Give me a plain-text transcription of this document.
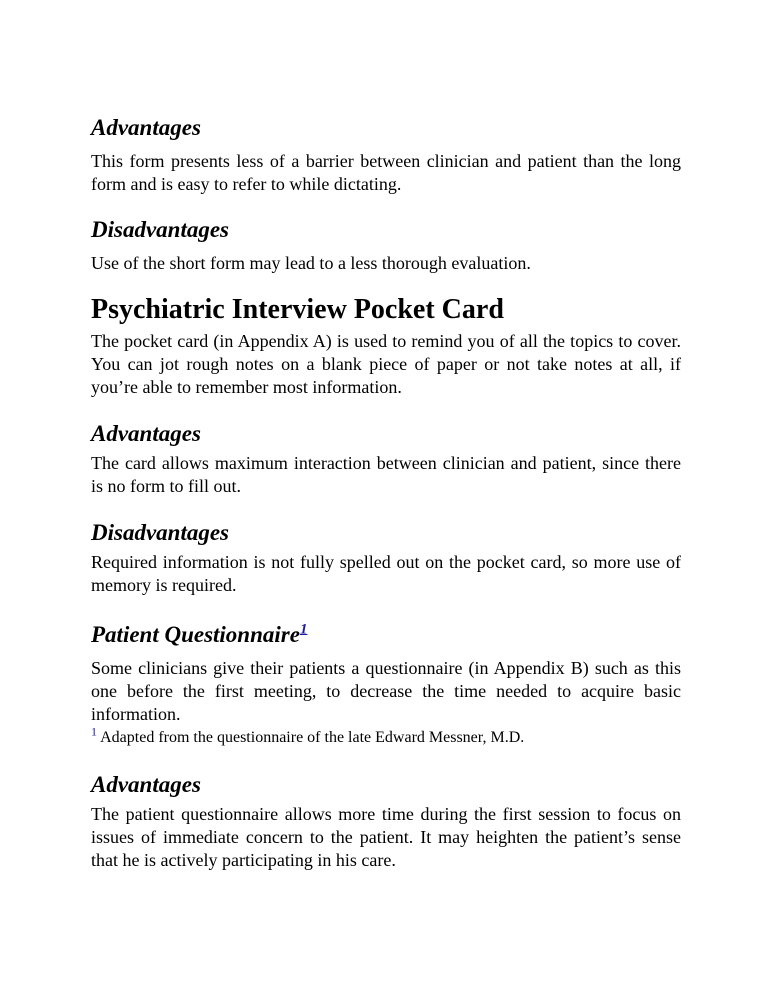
Advantages

This form presents less of a barrier between clinician and patient than the long form and is easy to refer to while dictating.

Disadvantages

Use of the short form may lead to a less thorough evaluation.

Psychiatric Interview Pocket Card

The pocket card (in Appendix A) is used to remind you of all the topics to cover. You can jot rough notes on a blank piece of paper or not take notes at all, if you’re able to remember most information.

Advantages

The card allows maximum interaction between clinician and patient, since there is no form to fill out.

Disadvantages

Required information is not fully spelled out on the pocket card, so more use of memory is required.

Patient Questionnaire$^1$

Some clinicians give their patients a questionnaire (in Appendix B) such as this one before the first meeting, to decrease the time needed to acquire basic information.

$^1$ Adapted from the questionnaire of the late Edward Messner, M.D.

Advantages

The patient questionnaire allows more time during the first session to focus on issues of immediate concern to the patient. It may heighten the patient’s sense that he is actively participating in his care.
